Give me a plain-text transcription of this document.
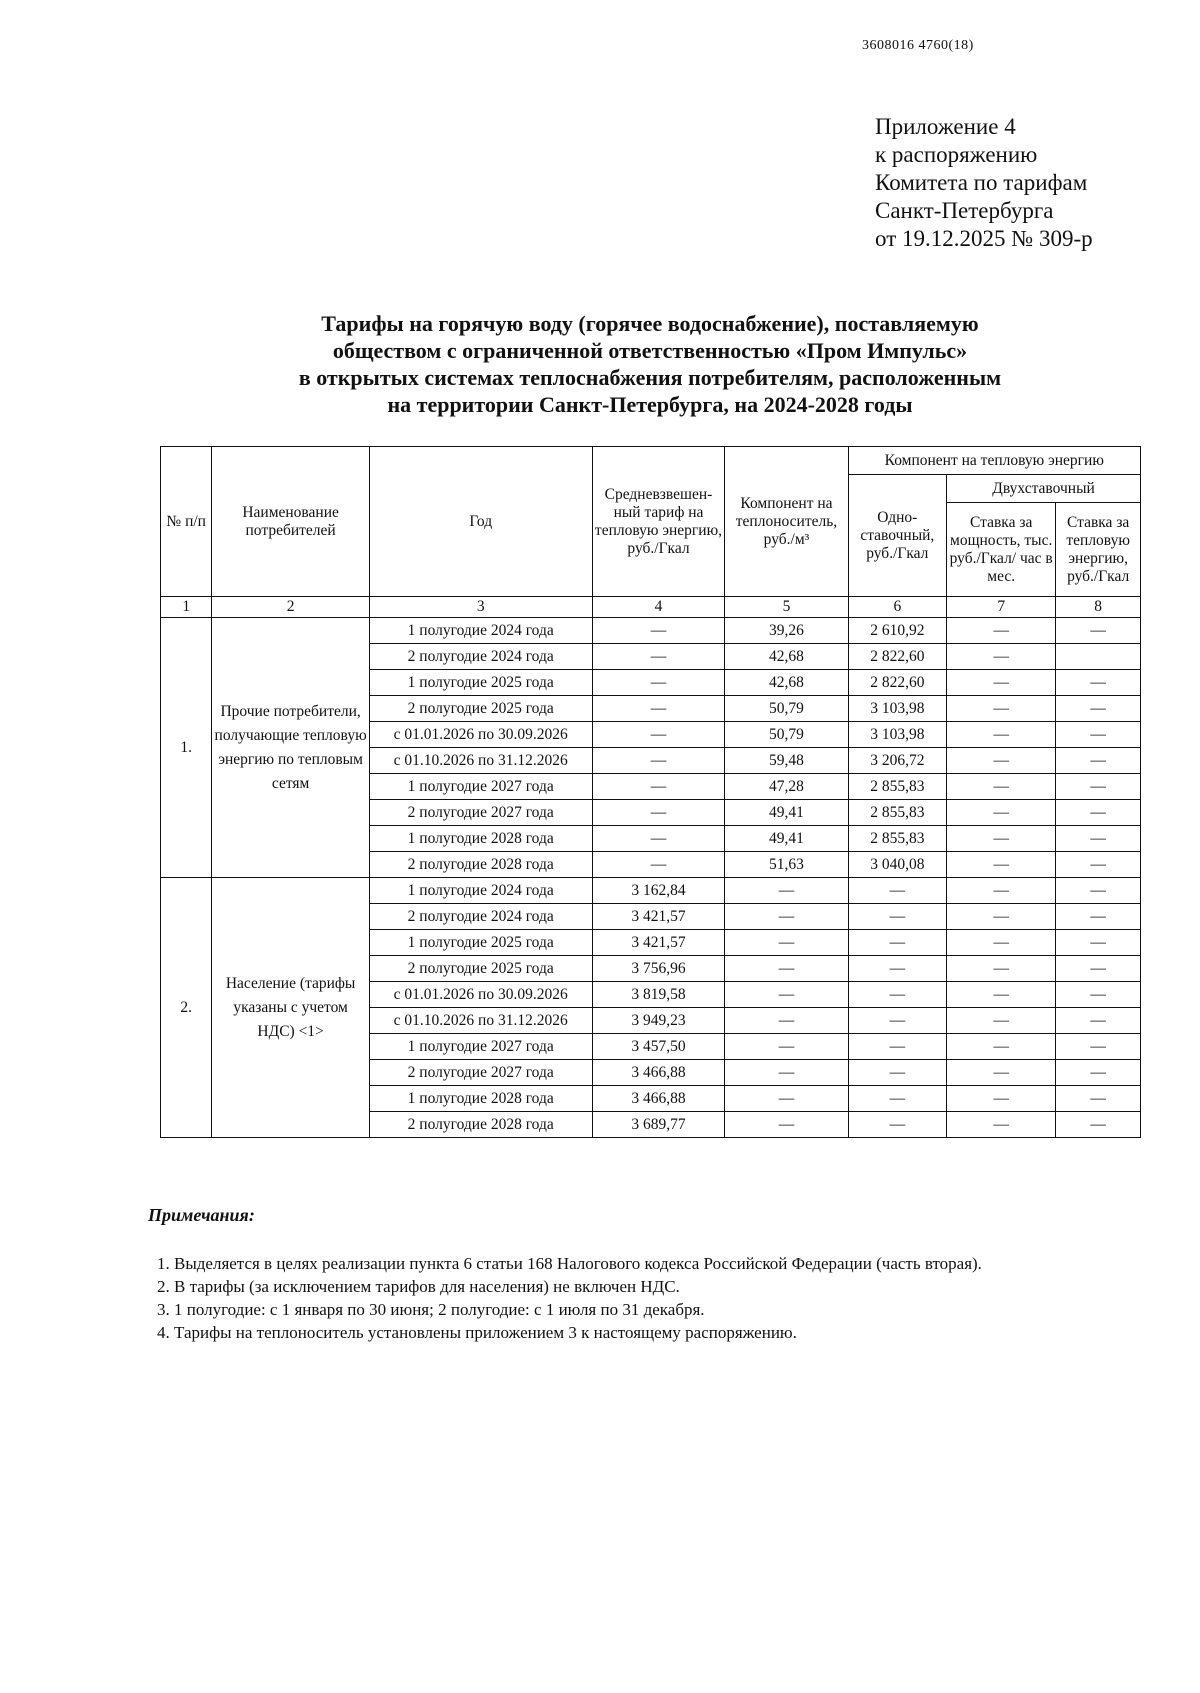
3608016 4760(18)
Приложение 4
к распоряжению
Комитета по тарифам
Санкт-Петербурга
от 19.12.2025 № 309-р
Тарифы на горячую воду (горячее водоснабжение), поставляемую
обществом с ограниченной ответственностью «Пром Импульс»
в открытых системах теплоснабжения потребителям, расположенным
на территории Санкт-Петербурга, на 2024-2028 годы
№ п/п	Наименование потребителей	Год	Средневзвешен-ный тариф на тепловую энергию, руб./Гкал	Компонент на теплоноситель, руб./м³	Компонент на тепловую энергию		
					Одно-ставочный, руб./Гкал	Двухставочный	
						Ставка за мощность, тыс. руб./Гкал/ час в мес.	Ставка за тепловую энергию, руб./Гкал
1	2	3	4	5	6	7	8
1.	Прочие потребители, получающие тепловую энергию по тепловым сетям	1 полугодие 2024 года	—	39,26	2 610,92	—	—
		2 полугодие 2024 года	—	42,68	2 822,60	—	
		1 полугодие 2025 года	—	42,68	2 822,60	—	—
		2 полугодие 2025 года	—	50,79	3 103,98	—	—
		с 01.01.2026 по 30.09.2026	—	50,79	3 103,98	—	—
		с 01.10.2026 по 31.12.2026	—	59,48	3 206,72	—	—
		1 полугодие 2027 года	—	47,28	2 855,83	—	—
		2 полугодие 2027 года	—	49,41	2 855,83	—	—
		1 полугодие 2028 года	—	49,41	2 855,83	—	—
		2 полугодие 2028 года	—	51,63	3 040,08	—	—
2.	Население (тарифы указаны с учетом НДС) <1>	1 полугодие 2024 года	3 162,84	—	—	—	—
		2 полугодие 2024 года	3 421,57	—	—	—	—
		1 полугодие 2025 года	3 421,57	—	—	—	—
		2 полугодие 2025 года	3 756,96	—	—	—	—
		с 01.01.2026 по 30.09.2026	3 819,58	—	—	—	—
		с 01.10.2026 по 31.12.2026	3 949,23	—	—	—	—
		1 полугодие 2027 года	3 457,50	—	—	—	—
		2 полугодие 2027 года	3 466,88	—	—	—	—
		1 полугодие 2028 года	3 466,88	—	—	—	—
		2 полугодие 2028 года	3 689,77	—	—	—	—
Примечания:
1. Выделяется в целях реализации пункта 6 статьи 168 Налогового кодекса Российской Федерации (часть вторая).
2. В тарифы (за исключением тарифов для населения) не включен НДС.
3. 1 полугодие: с 1 января по 30 июня; 2 полугодие: с 1 июля по 31 декабря.
4. Тарифы на теплоноситель установлены приложением 3 к настоящему распоряжению.
